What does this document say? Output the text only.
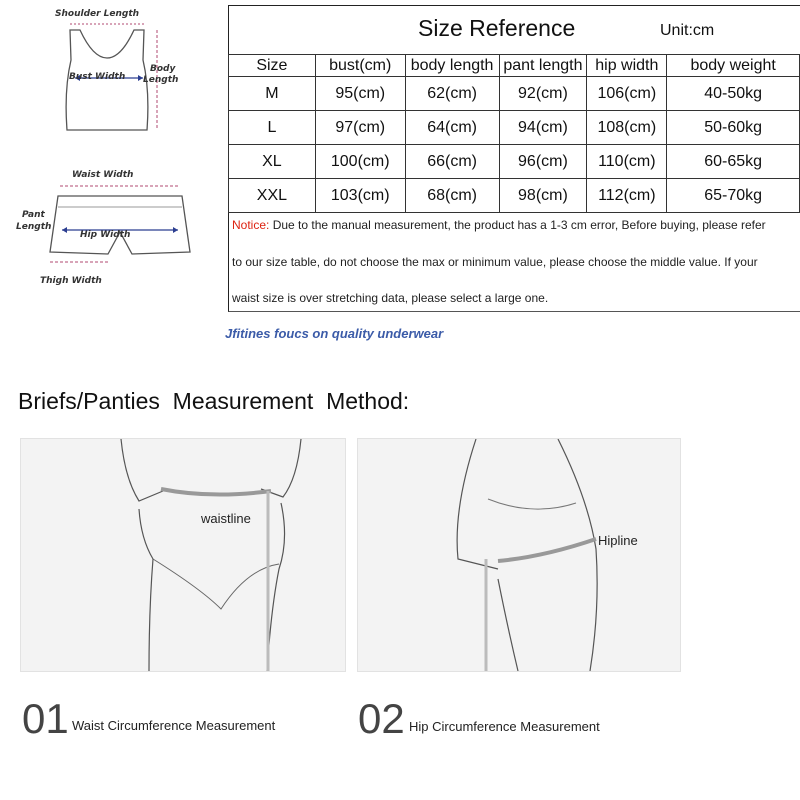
Shoulder Length
Bust Width
Body
Length
Waist Width
Pant
Length
Hip Width
Thigh Width
Size Reference	Unit:cm
Size	bust(cm)	body length	pant length	hip width	body weight
M	95(cm)	62(cm)	92(cm)	106(cm)	40-50kg
L	97(cm)	64(cm)	94(cm)	108(cm)	50-60kg
XL	100(cm)	66(cm)	96(cm)	110(cm)	60-65kg
XXL	103(cm)	68(cm)	98(cm)	112(cm)	65-70kg
Notice: Due to the manual measurement, the product has a 1-3 cm error, Before buying, please refer
to our size table, do not choose the max or minimum value, please choose the middle value. If your
waist size is over stretching data, please select a large one.
Jfitines foucs on quality underwear
Briefs/Panties  Measurement  Method:
waistline
Hipline
01 Waist Circumference Measurement 02 Hip Circumference Measurement
